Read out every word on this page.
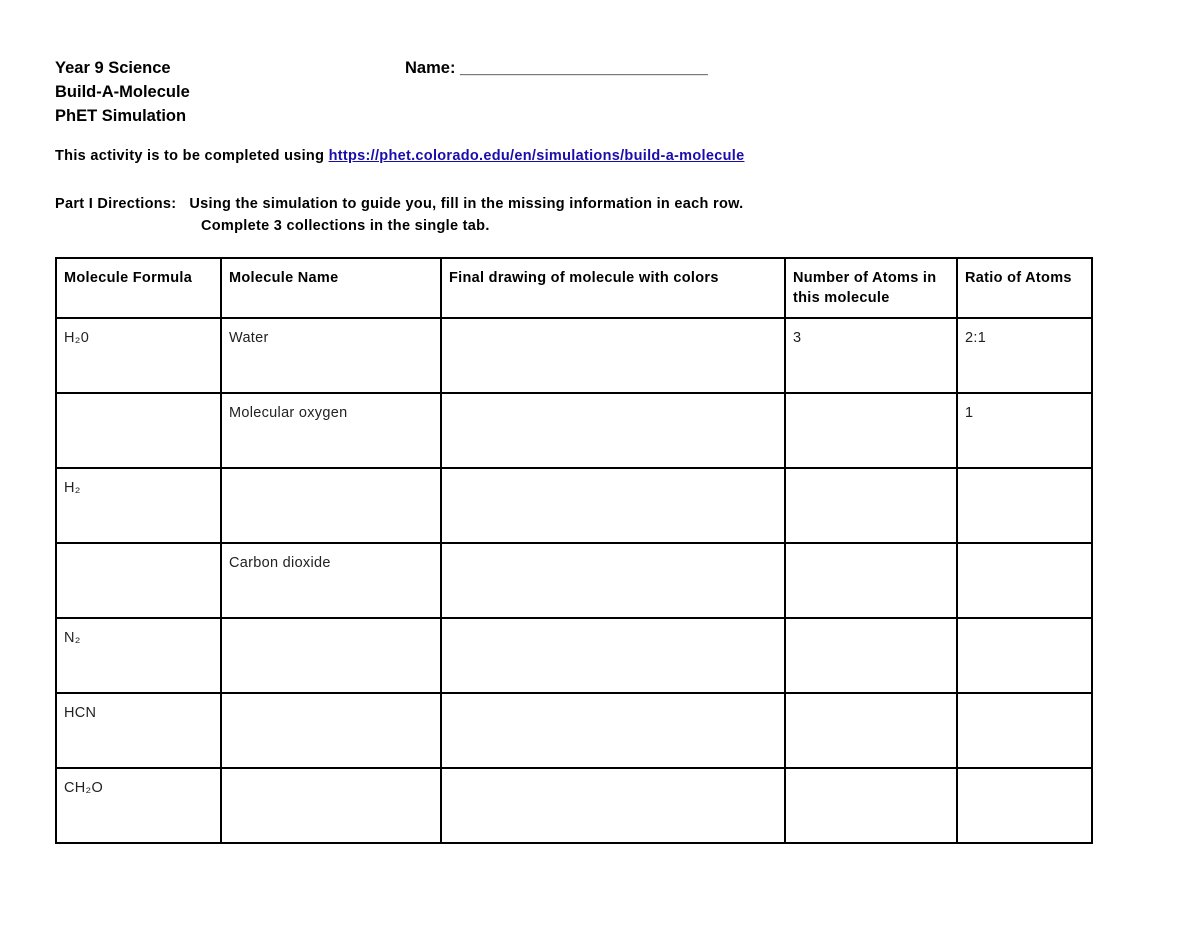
Year 9 Science
Build-A-Molecule
PhET Simulation
Name: ___________________________
This activity is to be completed using https://phet.colorado.edu/en/simulations/build-a-molecule
Part I Directions:   Using the simulation to guide you, fill in the missing information in each row.
Complete 3 collections in the single tab.
Molecule Formula	Molecule Name	Final drawing of molecule with colors	Number of Atoms in this molecule	Ratio of Atoms
H₂0	Water		3	2:1
	Molecular oxygen			1
H₂				
	Carbon dioxide			
N₂				
HCN				
CH₂O				
